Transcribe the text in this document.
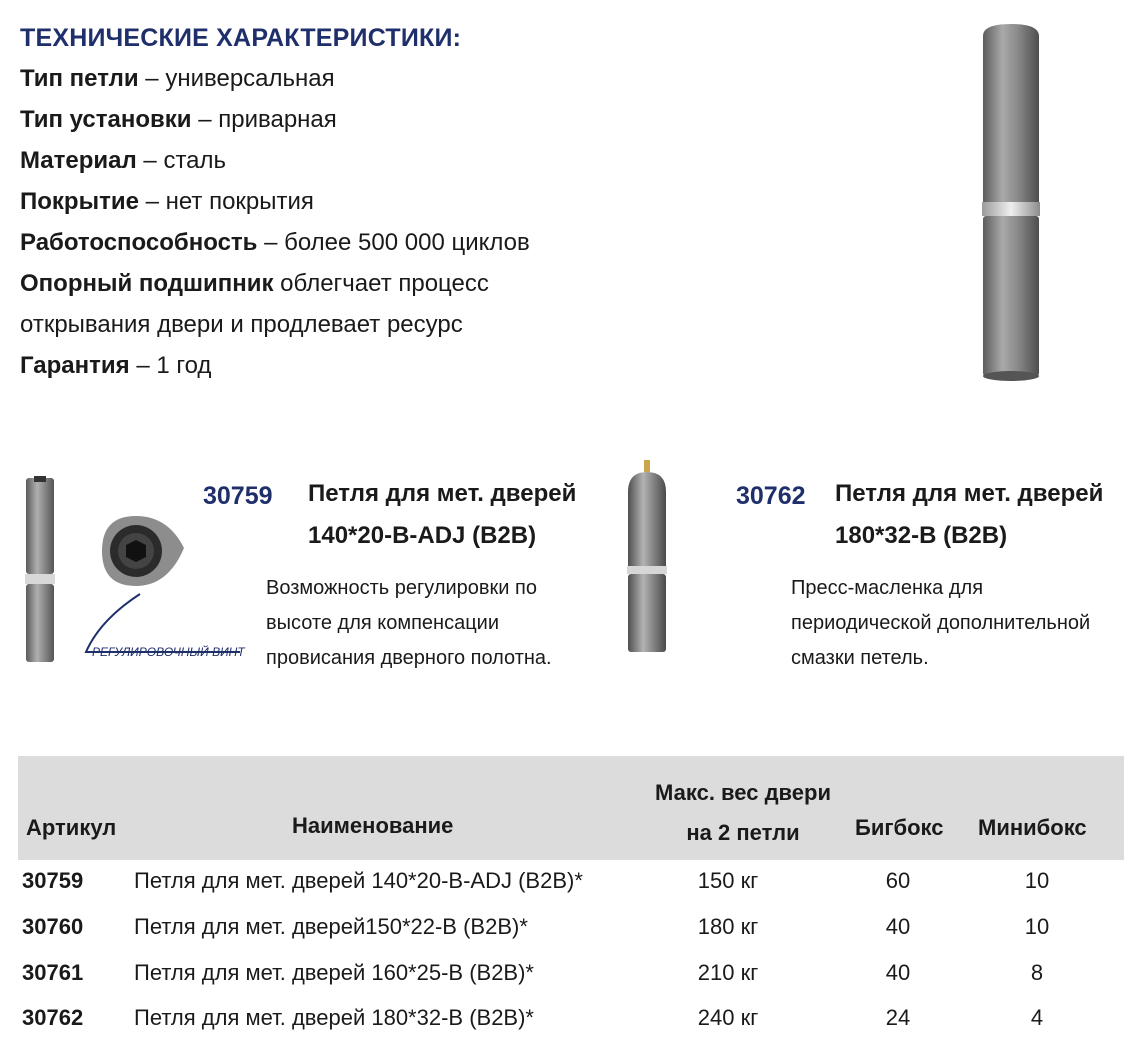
ТЕХНИЧЕСКИЕ ХАРАКТЕРИСТИКИ:
Тип петли – универсальная
Тип установки – приварная
Материал – сталь
Покрытие – нет покрытия
Работоспособность – более 500 000 циклов
Опорный подшипник облегчает процесс
открывания двери и продлевает ресурс
Гарантия – 1 год
РЕГУЛИРОВОЧНЫЙ ВИНТ
30759 Петля для мет. дверей
140*20-B-ADJ (B2B)
Возможность регулировки по
высоте для компенсации
провисания дверного полотна.
30762 Петля для мет. дверей
180*32-B (B2B)
Пресс-масленка для
периодической дополнительной
смазки петель.
Артикул	Наименование
Макс. вес двери
на 2 петли	Бигбокс Минибокс
30759 Петля для мет. дверей 140*20-B-ADJ (B2B)*	150 кг	60	10
30760 Петля для мет. дверей150*22-B (B2B)*	180 кг	40	10
30761 Петля для мет. дверей 160*25-B (B2B)*	210 кг	40	8
30762 Петля для мет. дверей 180*32-B (B2B)*	240 кг	24	4
